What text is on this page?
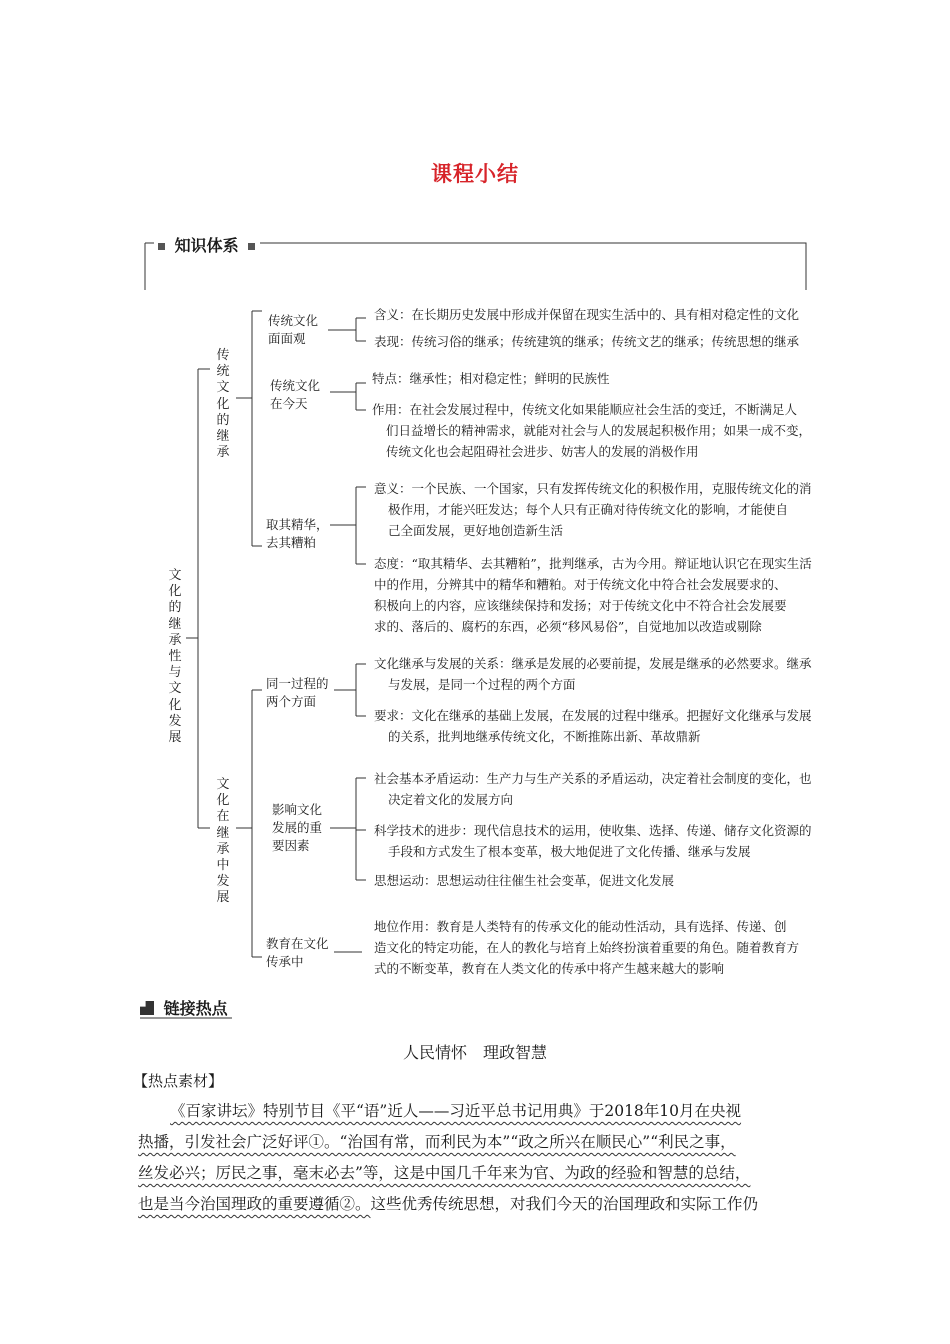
课程小结
知识体系
文化的继承性与文化发展
传统文化的继承
文化在继承中发展
传统文化
面面观
传统文化
在今天
取其精华，
去其糟粕
同一过程的
两个方面
影响文化
发展的重
要因素
教育在文化
传承中
含义：在长期历史发展中形成并保留在现实生活中的、具有相对稳定性的文化
表现：传统习俗的继承；传统建筑的继承；传统文艺的继承；传统思想的继承
特点：继承性；相对稳定性；鲜明的民族性
作用：在社会发展过程中，传统文化如果能顺应社会生活的变迁，不断满足人
们日益增长的精神需求，就能对社会与人的发展起积极作用；如果一成不变，
传统文化也会起阻碍社会进步、妨害人的发展的消极作用
意义：一个民族、一个国家，只有发挥传统文化的积极作用，克服传统文化的消
极作用，才能兴旺发达；每个人只有正确对待传统文化的影响，才能使自
己全面发展，更好地创造新生活
态度：“取其精华、去其糟粕”，批判继承，古为今用。辩证地认识它在现实生活
中的作用，分辨其中的精华和糟粕。对于传统文化中符合社会发展要求的、
积极向上的内容，应该继续保持和发扬；对于传统文化中不符合社会发展要
求的、落后的、腐朽的东西，必须“移风易俗”，自觉地加以改造或剔除
文化继承与发展的关系：继承是发展的必要前提，发展是继承的必然要求。继承
与发展，是同一个过程的两个方面
要求：文化在继承的基础上发展，在发展的过程中继承。把握好文化继承与发展
的关系，批判地继承传统文化，不断推陈出新、革故鼎新
社会基本矛盾运动：生产力与生产关系的矛盾运动，决定着社会制度的变化，也
决定着文化的发展方向
科学技术的进步：现代信息技术的运用，使收集、选择、传递、储存文化资源的
手段和方式发生了根本变革，极大地促进了文化传播、继承与发展
思想运动：思想运动往往催生社会变革，促进文化发展
地位作用：教育是人类特有的传承文化的能动性活动，具有选择、传递、创
造文化的特定功能，在人的教化与培育上始终扮演着重要的角色。随着教育方
式的不断变革，教育在人类文化的传承中将产生越来越大的影响
链接热点
人民情怀　理政智慧
【热点素材】
《百家讲坛》特别节目《平“语”近人——习近平总书记用典》于2018年10月在央视
热播，引发社会广泛好评①。“治国有常，而利民为本”“政之所兴在顺民心”“利民之事，
丝发必兴；厉民之事，毫末必去”等，这是中国几千年来为官、为政的经验和智慧的总结，
也是当今治国理政的重要遵循②。这些优秀传统思想，对我们今天的治国理政和实际工作仍
